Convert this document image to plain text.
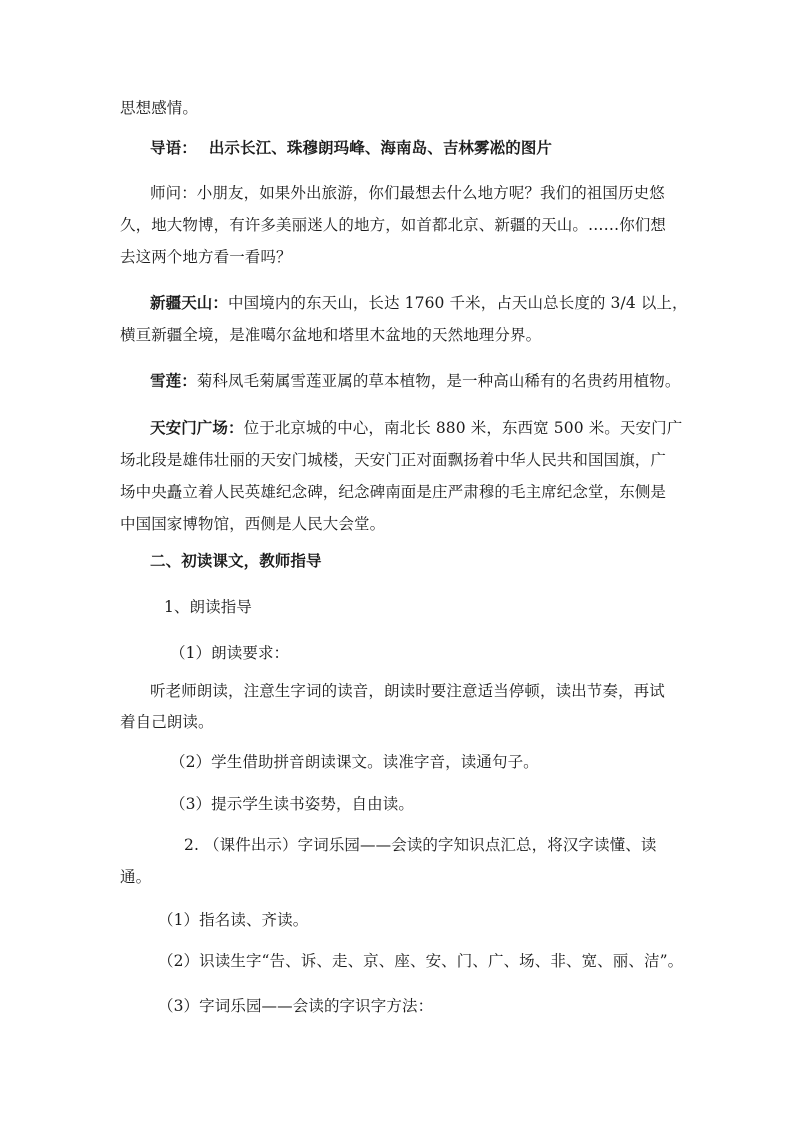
思想感情。
导语： 出示长江、珠穆朗玛峰、海南岛、吉林雾凇的图片
师问：小朋友，如果外出旅游，你们最想去什么地方呢？我们的祖国历史悠
久，地大物博，有许多美丽迷人的地方，如首都北京、新疆的天山。……你们想
去这两个地方看一看吗？
新疆天山：中国境内的东天山，长达 1760 千米，占天山总长度的 3/4 以上，
横亘新疆全境，是准噶尔盆地和塔里木盆地的天然地理分界。
雪莲：菊科凤毛菊属雪莲亚属的草本植物，是一种高山稀有的名贵药用植物。
天安门广场：位于北京城的中心，南北长 880 米，东西宽 500 米。天安门广
场北段是雄伟壮丽的天安门城楼，天安门正对面飘扬着中华人民共和国国旗，广
场中央矗立着人民英雄纪念碑，纪念碑南面是庄严肃穆的毛主席纪念堂，东侧是
中国国家博物馆，西侧是人民大会堂。
二、初读课文，教师指导
1、朗读指导
（1）朗读要求：
听老师朗读，注意生字词的读音，朗读时要注意适当停顿，读出节奏，再试
着自己朗读。
（2）学生借助拼音朗读课文。读准字音，读通句子。
（3）提示学生读书姿势，自由读。
2. （课件出示）字词乐园——会读的字知识点汇总，将汉字读懂、读
通。
（1）指名读、齐读。
（2）识读生字“告、诉、走、京、座、安、门、广、场、非、宽、丽、洁”。
（3）字词乐园——会读的字识字方法：
